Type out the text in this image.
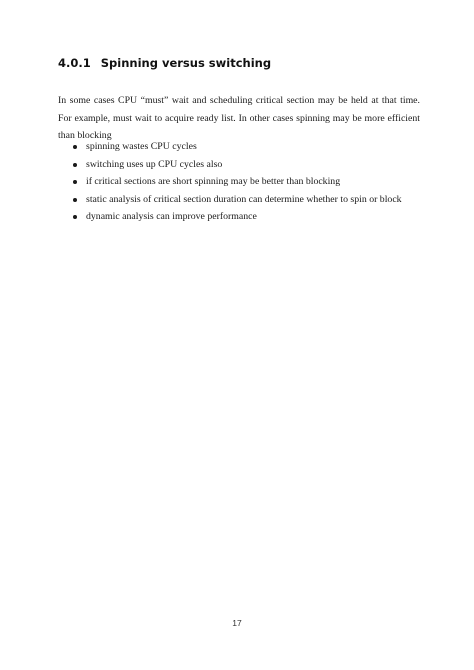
4.0.1 Spinning versus switching

In some cases CPU “must” wait and scheduling critical section may be held at that time. For example, must wait to acquire ready list. In other cases spinning may be more efficient than blocking

spinning wastes CPU cycles
switching uses up CPU cycles also
if critical sections are short spinning may be better than blocking
static analysis of critical section duration can determine whether to spin or block
dynamic analysis can improve performance
17
